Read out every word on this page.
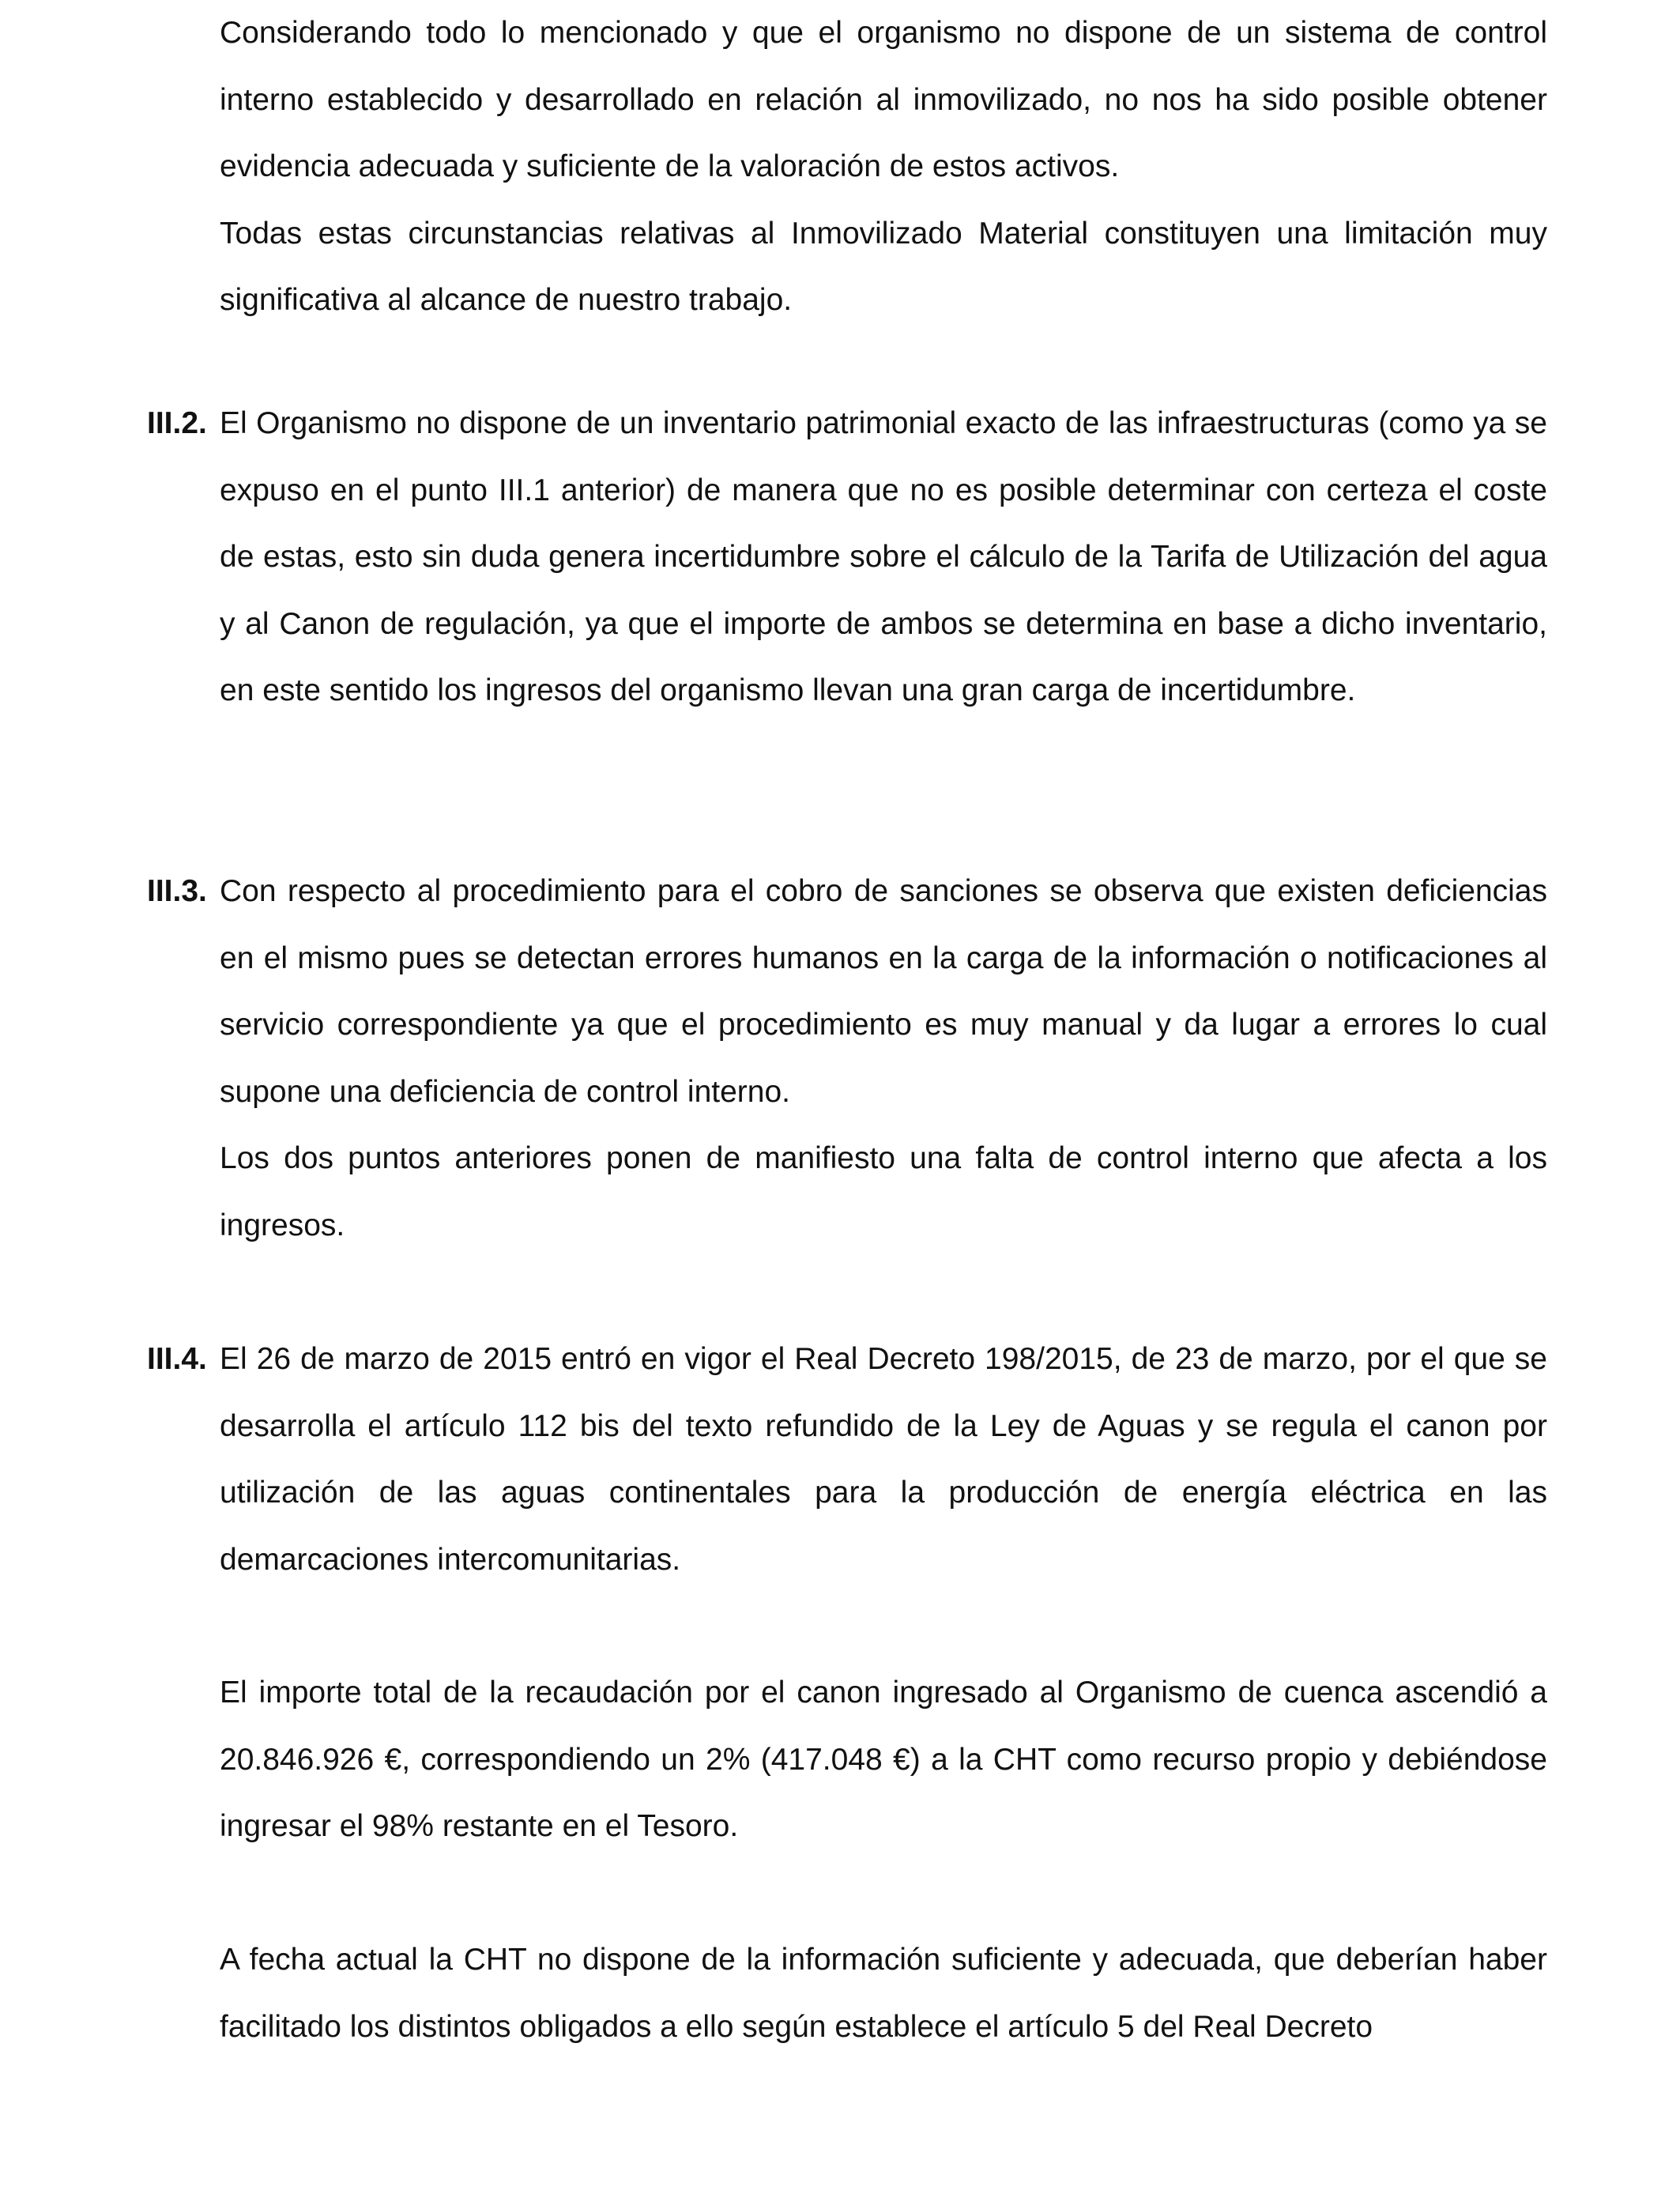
Considerando todo lo mencionado y que el organismo no dispone de un sistema de control interno establecido y desarrollado en relación al inmovilizado, no nos ha sido posible obtener evidencia adecuada y suficiente de la valoración de estos activos.

Todas estas circunstancias relativas al Inmovilizado Material constituyen una limitación muy significativa al alcance de nuestro trabajo.

III.2. El Organismo no dispone de un inventario patrimonial exacto de las infraestructuras (como ya se expuso en el punto III.1 anterior) de manera que no es posible determinar con certeza el coste de estas, esto sin duda genera incertidumbre sobre el cálculo de la Tarifa de Utilización del agua y al Canon de regulación, ya que el importe de ambos se determina en base a dicho inventario, en este sentido los ingresos del organismo llevan una gran carga de incertidumbre.

III.3. Con respecto al procedimiento para el cobro de sanciones se observa que existen deficiencias en el mismo pues se detectan errores humanos en la carga de la información o notificaciones al servicio correspondiente ya que el procedimiento es muy manual y da lugar a errores lo cual supone una deficiencia de control interno.

Los dos puntos anteriores ponen de manifiesto una falta de control interno que afecta a los ingresos.

III.4. El 26 de marzo de 2015 entró en vigor el Real Decreto 198/2015, de 23 de marzo, por el que se desarrolla el artículo 112 bis del texto refundido de la Ley de Aguas y se regula el canon por utilización de las aguas continentales para la producción de energía eléctrica en las demarcaciones intercomunitarias.

El importe total de la recaudación por el canon ingresado al Organismo de cuenca ascendió a 20.846.926 €, correspondiendo un 2% (417.048 €) a la CHT como recurso propio y debiéndose ingresar el 98% restante en el Tesoro.

A fecha actual la CHT no dispone de la información suficiente y adecuada, que deberían haber facilitado los distintos obligados a ello según establece el artículo 5 del Real Decreto
